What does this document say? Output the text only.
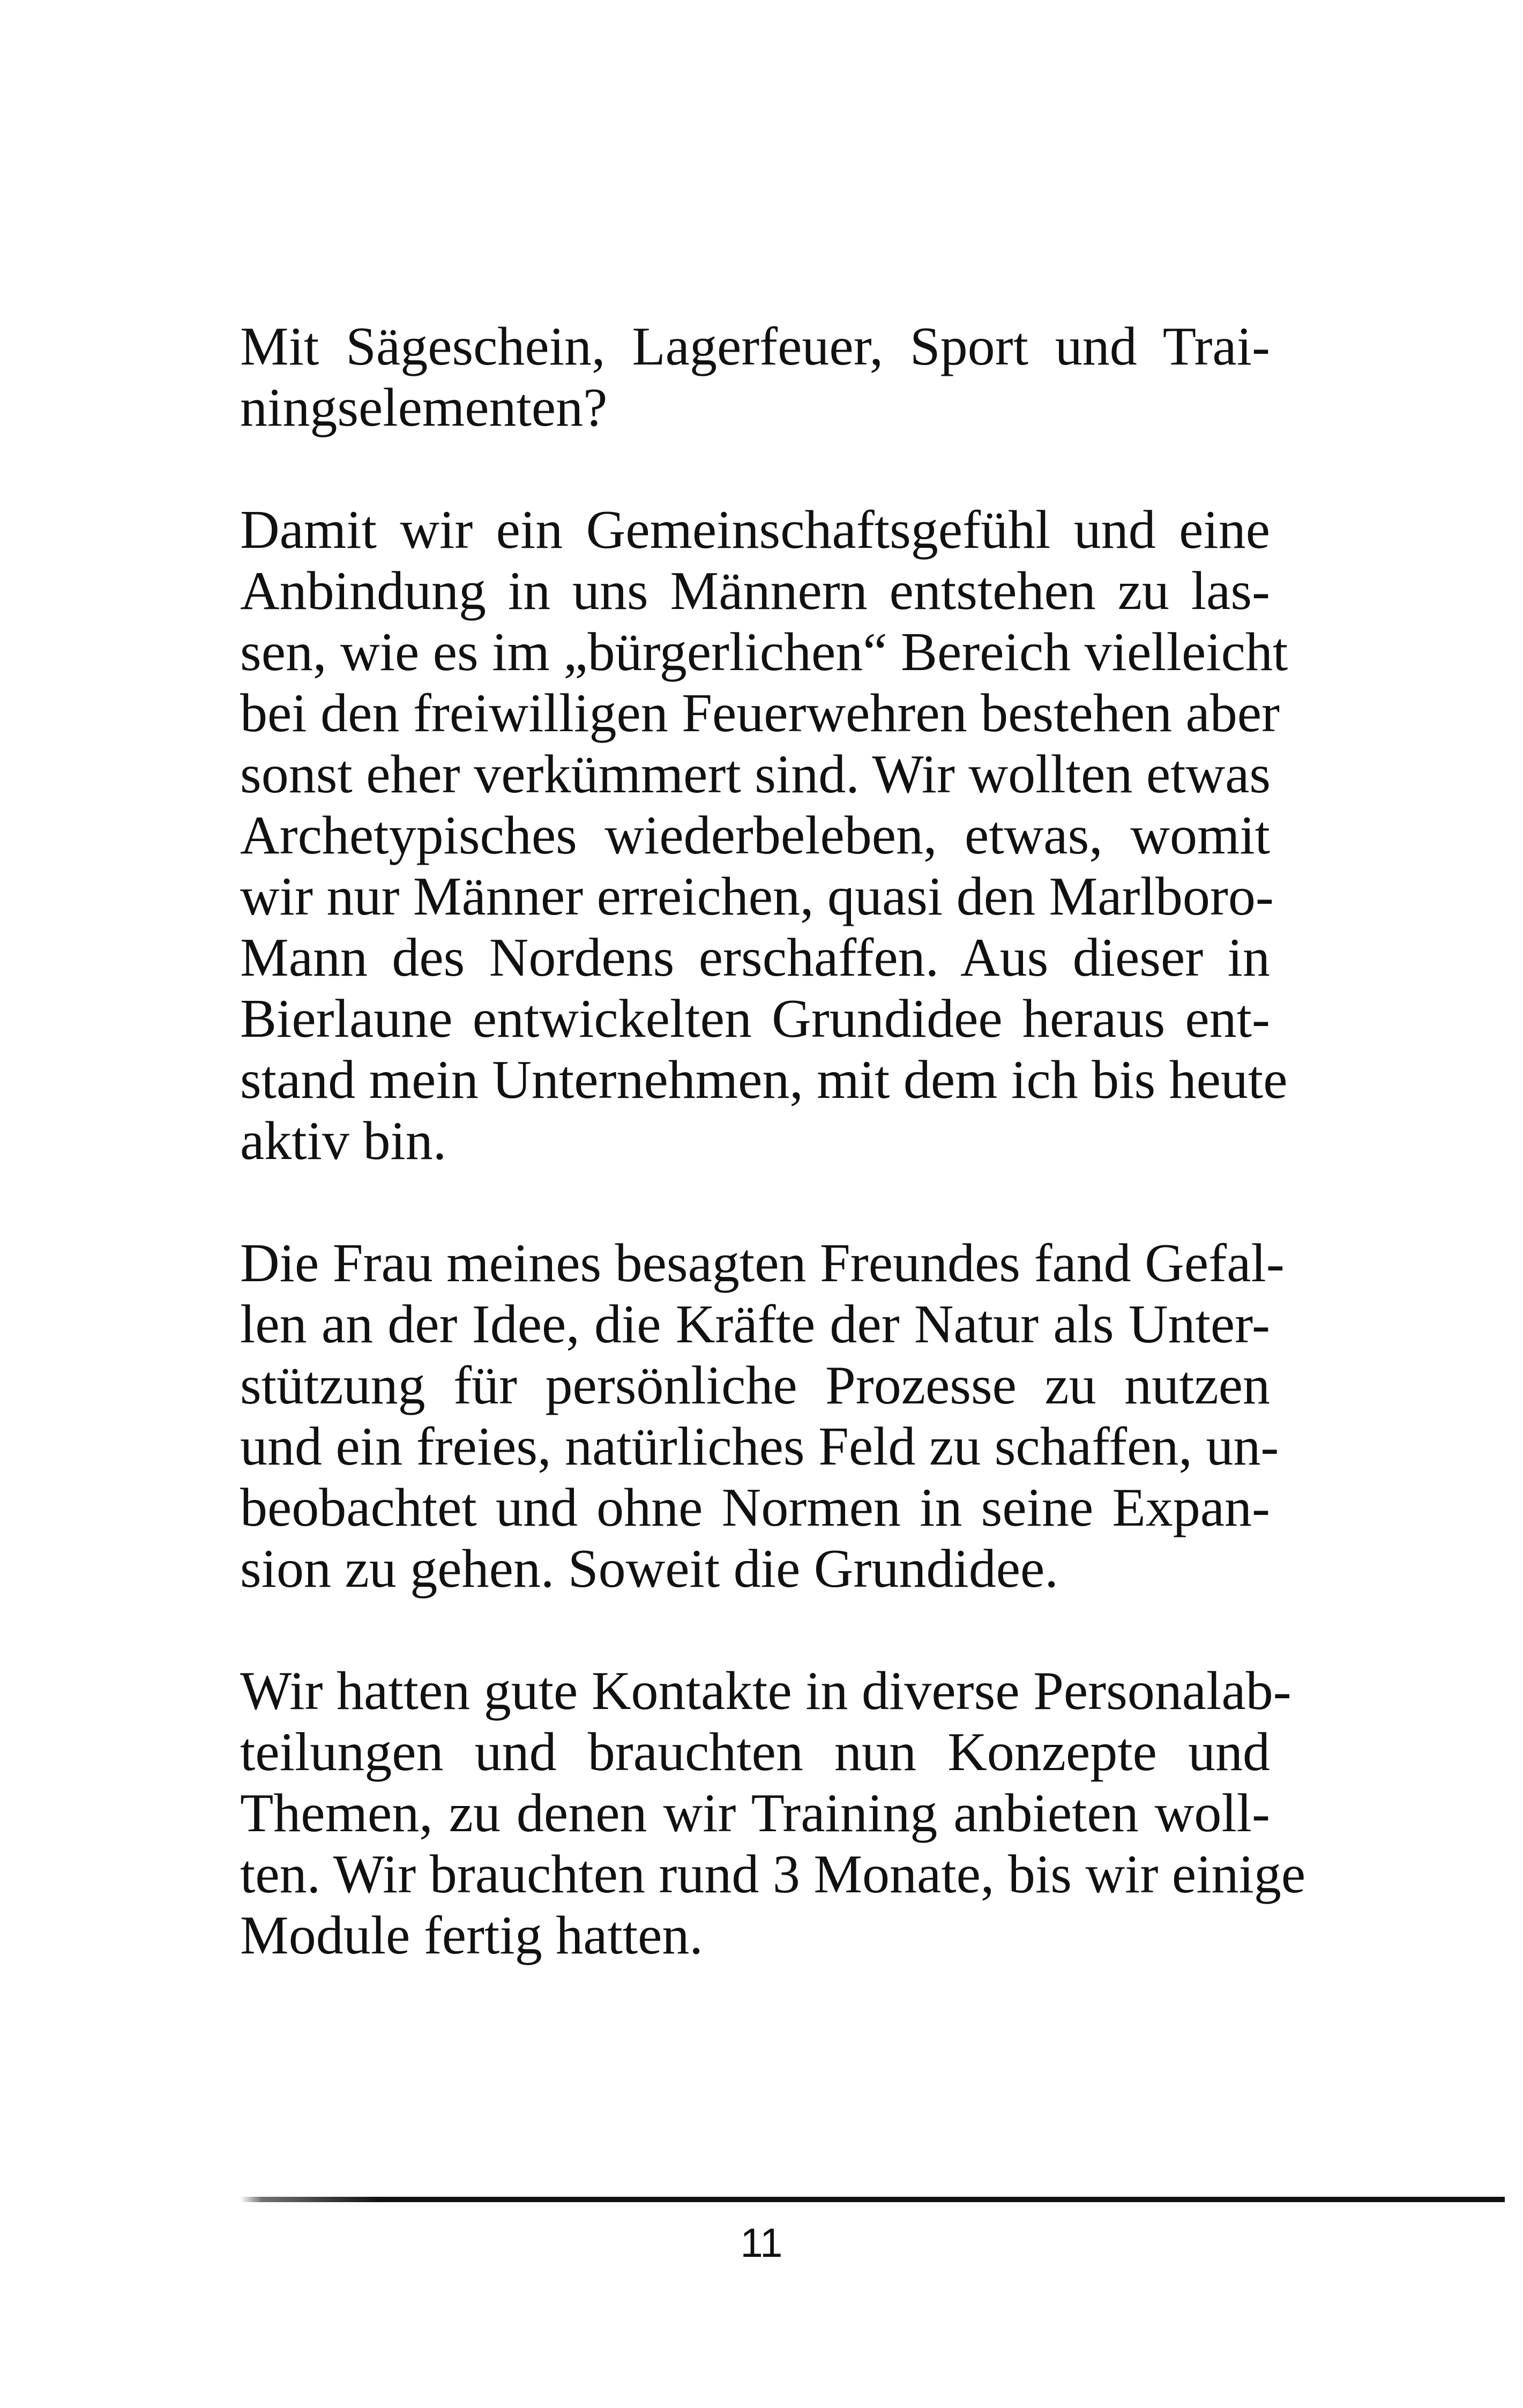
Mit Sägeschein, Lagerfeuer, Sport und Trai-
ningselementen?

Damit wir ein Gemeinschaftsgefühl und eine
Anbindung in uns Männern entstehen zu las-
sen, wie es im „bürgerlichen“ Bereich vielleicht
bei den freiwilligen Feuerwehren bestehen aber
sonst eher verkümmert sind. Wir wollten etwas
Archetypisches wiederbeleben, etwas, womit
wir nur Männer erreichen, quasi den Marlboro-
Mann des Nordens erschaffen. Aus dieser in
Bierlaune entwickelten Grundidee heraus ent-
stand mein Unternehmen, mit dem ich bis heute
aktiv bin.

Die Frau meines besagten Freundes fand Gefal-
len an der Idee, die Kräfte der Natur als Unter-
stützung für persönliche Prozesse zu nutzen
und ein freies, natürliches Feld zu schaffen, un-
beobachtet und ohne Normen in seine Expan-
sion zu gehen. Soweit die Grundidee.

Wir hatten gute Kontakte in diverse Personalab-
teilungen und brauchten nun Konzepte und
Themen, zu denen wir Training anbieten woll-
ten. Wir brauchten rund 3 Monate, bis wir einige
Module fertig hatten.

11
